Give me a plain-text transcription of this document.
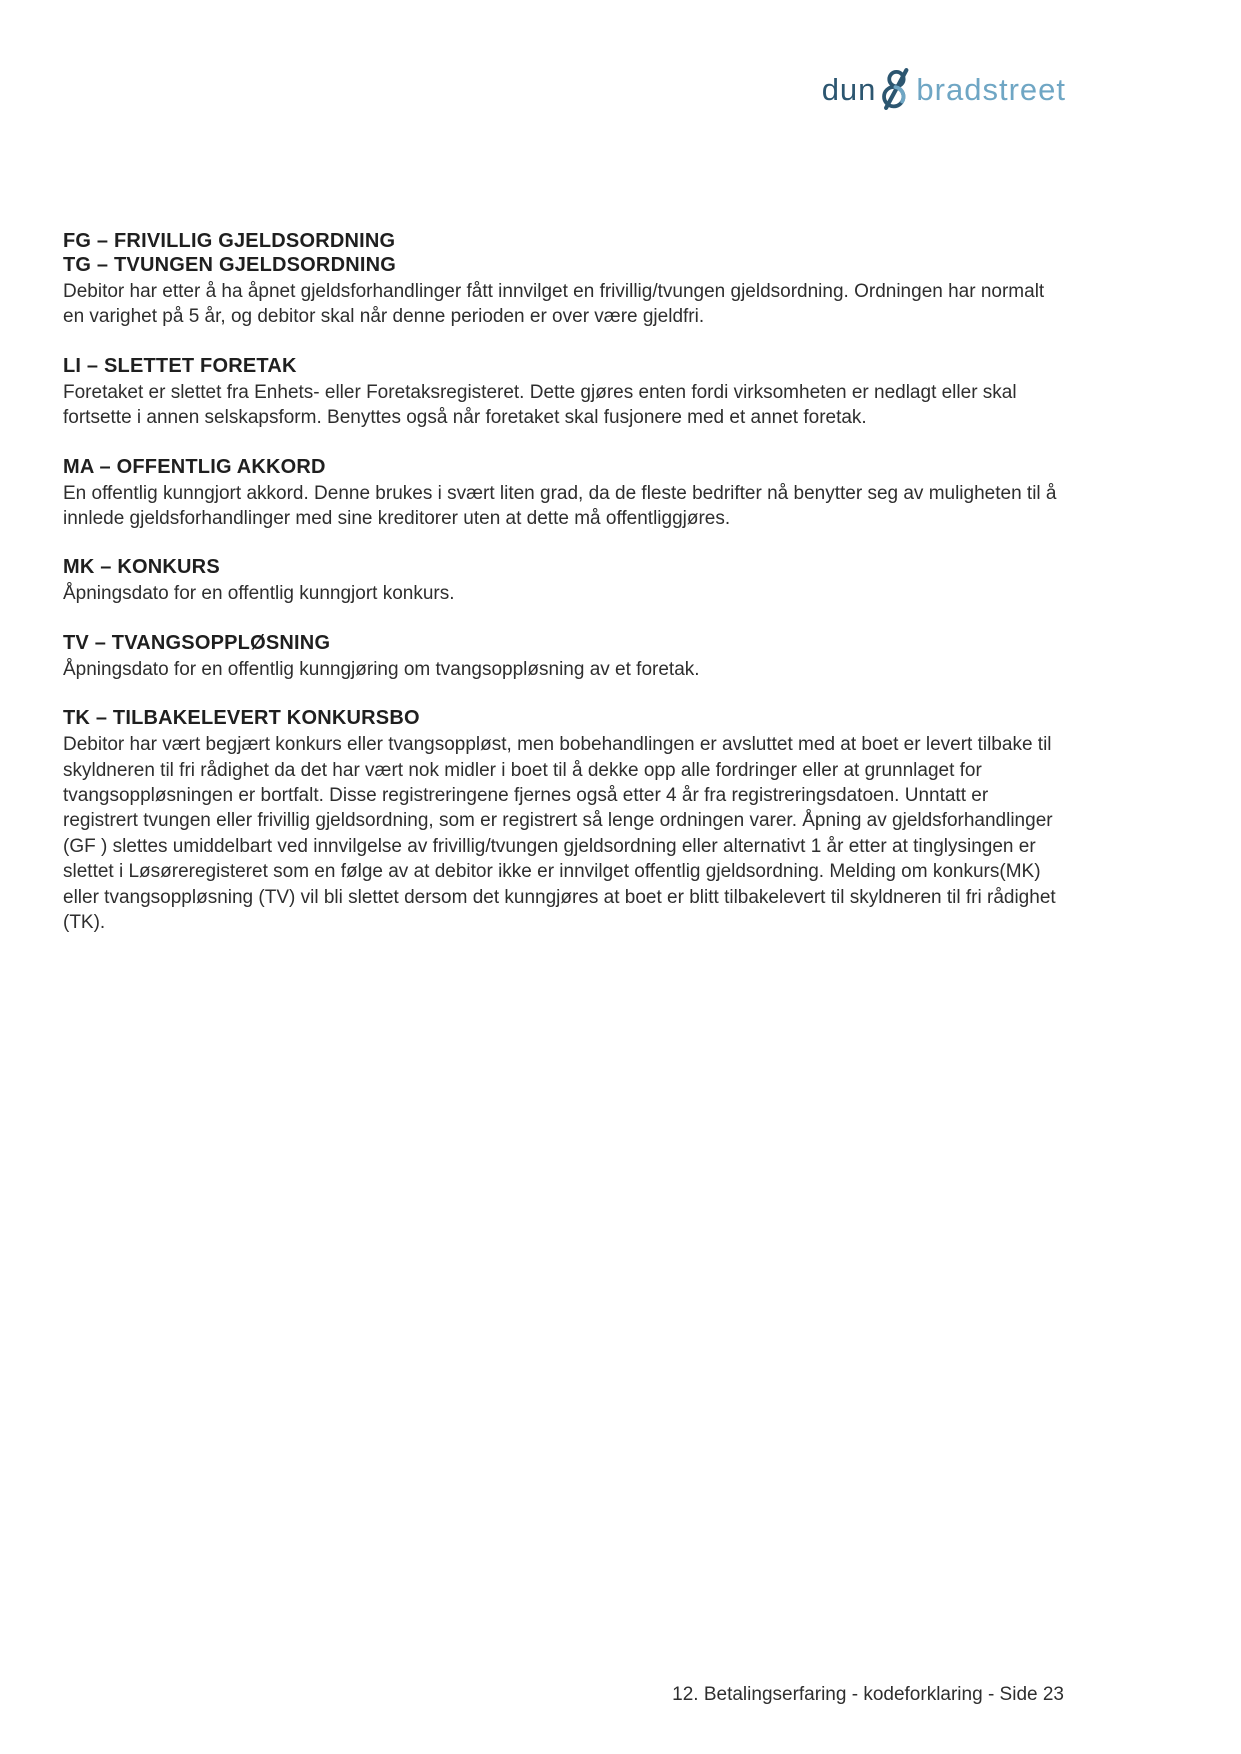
dun bradstreet
FG – FRIVILLIG GJELDSORDNING
TG – TVUNGEN GJELDSORDNING

Debitor har etter å ha åpnet gjeldsforhandlinger fått innvilget en frivillig/tvungen gjeldsordning. Ordningen har normalt en varighet på 5 år, og debitor skal når denne perioden er over være gjeldfri.

LI – SLETTET FORETAK

Foretaket er slettet fra Enhets- eller Foretaksregisteret. Dette gjøres enten fordi virksomheten er nedlagt eller skal fortsette i annen selskapsform. Benyttes også når foretaket skal fusjonere med et annet foretak.

MA – OFFENTLIG AKKORD

En offentlig kunngjort akkord. Denne brukes i svært liten grad, da de fleste bedrifter nå benytter seg av muligheten til å innlede gjeldsforhandlinger med sine kreditorer uten at dette må offentliggjøres.

MK – KONKURS

Åpningsdato for en offentlig kunngjort konkurs.

TV – TVANGSOPPLØSNING

Åpningsdato for en offentlig kunngjøring om tvangsoppløsning av et foretak.

TK – TILBAKELEVERT KONKURSBO

Debitor har vært begjært konkurs eller tvangsoppløst, men bobehandlingen er avsluttet med at boet er levert tilbake til skyldneren til fri rådighet da det har vært nok midler i boet til å dekke opp alle fordringer eller at grunnlaget for tvangsoppløsningen er bortfalt. Disse registreringene fjernes også etter 4 år fra registreringsdatoen. Unntatt er registrert tvungen eller frivillig gjeldsordning, som er registrert så lenge ordningen varer. Åpning av gjeldsforhandlinger (GF ) slettes umiddelbart ved innvilgelse av frivillig/tvungen gjeldsordning eller alternativt 1 år etter at tinglysingen er slettet i Løsøreregisteret som en følge av at debitor ikke er innvilget offentlig gjeldsordning. Melding om konkurs(MK) eller tvangsoppløsning (TV) vil bli slettet dersom det kunngjøres at boet er blitt tilbakelevert til skyldneren til fri rådighet (TK).

12. Betalingserfaring - kodeforklaring - Side 23
